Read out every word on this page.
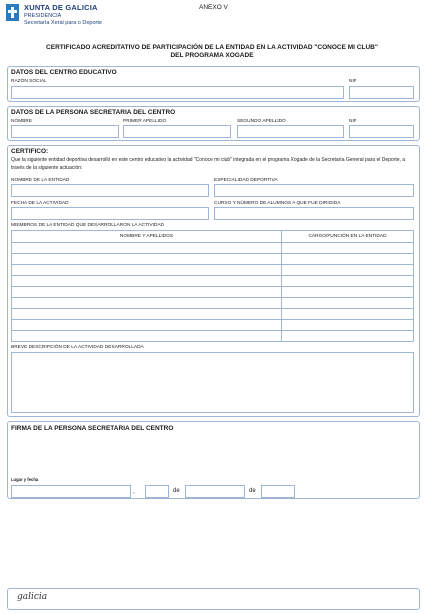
XUNTA DE GALICIA
PRESIDENCIA
Secretaría Xeral para o Deporte
ANEXO V
CERTIFICADO ACREDITATIVO DE PARTICIPACIÓN DE LA ENTIDAD EN LA ACTIVIDAD "CONOCE MI CLUB"
DEL PROGRAMA XOGADE
DATOS DEL CENTRO EDUCATIVO
RAZÓN SOCIAL	NIF
DATOS DE LA PERSONA SECRETARIA DEL CENTRO
NOMBRE	PRIMER APELLIDO	SEGUNDO APELLIDO	NIF
CERTIFICO:
Que la siguiente entidad deportiva desarrolló en este centro educativo la actividad "Conoce mi club" integrada en el programa Xogade de la Secretaría General para el Deporte, a través de la siguiente actuación:
NOMBRE DE LA ENTIDAD	ESPECIALIDAD DEPORTIVA
FECHA DE LA ACTIVIDAD	CURSO Y NÚMERO DE ALUMNOS A QUE FUE DIRIGIDA
MIEMBROS DE LA ENTIDAD QUE DESARROLLARON LA ACTIVIDAD
NOMBRE Y APELLIDOS	CARGO/FUNCIÓN EN LA ENTIDAD

BREVE DESCRIPCIÓN DE LA ACTIVIDAD DESARROLLADA
FIRMA DE LA PERSONA SECRETARIA DEL CENTRO
Lugar y fecha
,	de	de
galicia
